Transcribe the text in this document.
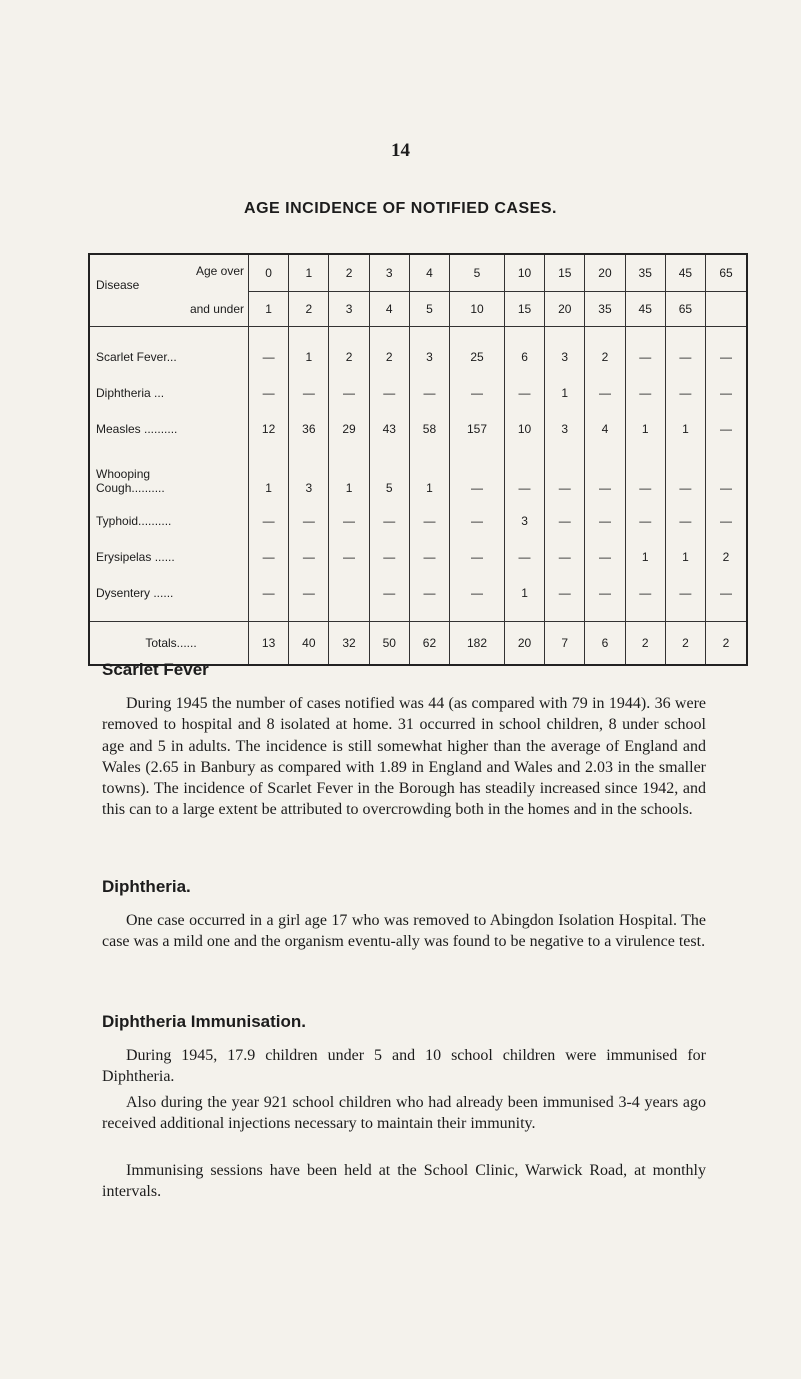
14
AGE INCIDENCE OF NOTIFIED CASES.
Age over

Disease	0	1	2	3	4	5	10	15	20	35	45	65
and under	1	2	3	4	5	10	15	20	35	45	65	
Scarlet Fever...	—	1	2	2	3	25	6	3	2	—	—	—
Diphtheria ...	—	—	—	—	—	—	—	1	—	—	—	—
Measles ..........	12	36	29	43	58	157	10	3	4	1	1	—
Whooping
Cough..........	1	3	1	5	1	—	—	—	—	—	—	—
Typhoid..........	—	—	—	—	—	—	3	—	—	—	—	—
Erysipelas ......	—	—	—	—	—	—	—	—	—	1	1	2
Dysentery ......	—	—		—	—	—	1	—	—	—	—	—
Totals......	13	40	32	50	62	182	20	7	6	2	2	2
Scarlet Fever

During 1945 the number of cases notified was 44 (as compared with 79 in 1944). 36 were removed to hospital and 8 isolated at home. 31 occurred in school children, 8 under school age and 5 in adults. The incidence is still somewhat higher than the average of England and Wales (2.65 in Banbury as compared with 1.89 in England and Wales and 2.03 in the smaller towns). The incidence of Scarlet Fever in the Borough has steadily increased since 1942, and this can to a large extent be attributed to overcrowding both in the homes and in the schools.

Diphtheria.

One case occurred in a girl age 17 who was removed to Abingdon Isolation Hospital. The case was a mild one and the organism eventu-ally was found to be negative to a virulence test.

Diphtheria Immunisation.

During 1945, 17.9 children under 5 and 10 school children were immunised for Diphtheria.

Also during the year 921 school children who had already been immunised 3-4 years ago received additional injections necessary to maintain their immunity.

Immunising sessions have been held at the School Clinic, Warwick Road, at monthly intervals.
